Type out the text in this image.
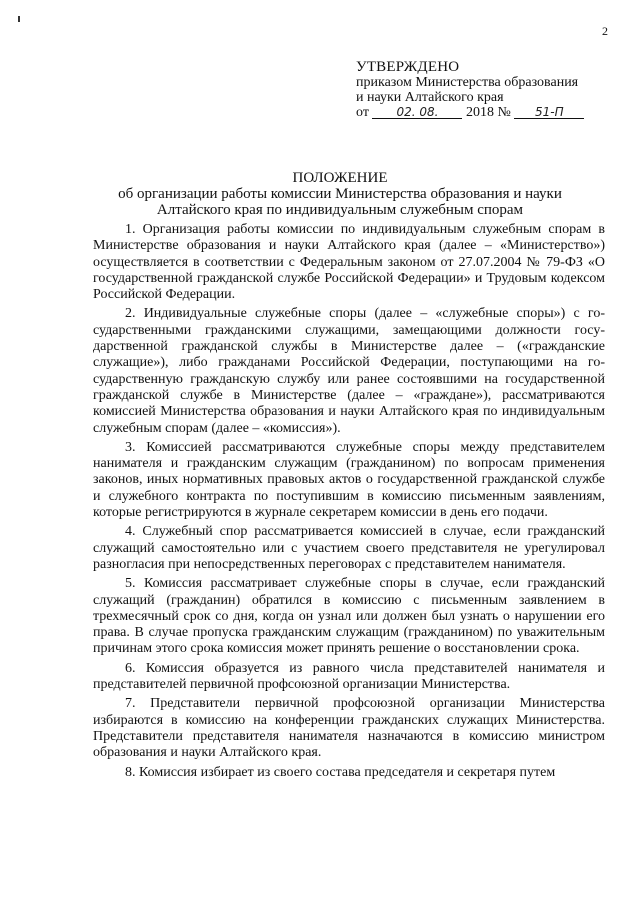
2
УТВЕРЖДЕНО
приказом Министерства образования
и науки Алтайского края
от 02. 08. 2018 № 51-П
ПОЛОЖЕНИЕ
об организации работы комиссии Министерства образования и науки
Алтайского края по индивидуальным служебным спорам

1. Организация работы комиссии по индивидуальным служебным спорам в Министерстве образования и науки Алтайского края (далее – «Министерство») осуществляется в соответствии с Федеральным законом от 27.07.2004 № 79-ФЗ «О государственной гражданской службе Российской Федерации» и Трудовым кодексом Российской Федерации.

2. Индивидуальные служебные споры (далее – «служебные споры») с государственными гражданскими служащими, замещающими должности государственной гражданской службы в Министерстве далее – («гражданские служащие»), либо гражданами Российской Федерации, поступающими на государственную гражданскую службу или ранее состоявшими на государственной гражданской службе в Министерстве (далее – «граждане»), рассматриваются комиссией Министерства образования и науки Алтайского края по индивидуальным служебным спорам (далее – «комиссия»).

3. Комиссией рассматриваются служебные споры между представителем нанимателя и гражданским служащим (гражданином) по вопросам применения законов, иных нормативных правовых актов о государственной гражданской службе и служебного контракта по поступившим в комиссию письменным заявлениям, которые регистрируются в журнале секретарем комиссии в день его подачи.

4. Служебный спор рассматривается комиссией в случае, если гражданский служащий самостоятельно или с участием своего представителя не урегулировал разногласия при непосредственных переговорах с представителем нанимателя.

5. Комиссия рассматривает служебные споры в случае, если гражданский служащий (гражданин) обратился в комиссию с письменным заявлением в трехмесячный срок со дня, когда он узнал или должен был узнать о нарушении его права. В случае пропуска гражданским служащим (гражданином) по уважительным причинам этого срока комиссия может принять решение о восстановлении срока.

6. Комиссия образуется из равного числа представителей нанимателя и представителей первичной профсоюзной организации Министерства.

7. Представители первичной профсоюзной организации Министерства избираются в комиссию на конференции гражданских служащих Министерства. Представители представителя нанимателя назначаются в комиссию министром образования и науки Алтайского края.

8. Комиссия избирает из своего состава председателя и секретаря путем
